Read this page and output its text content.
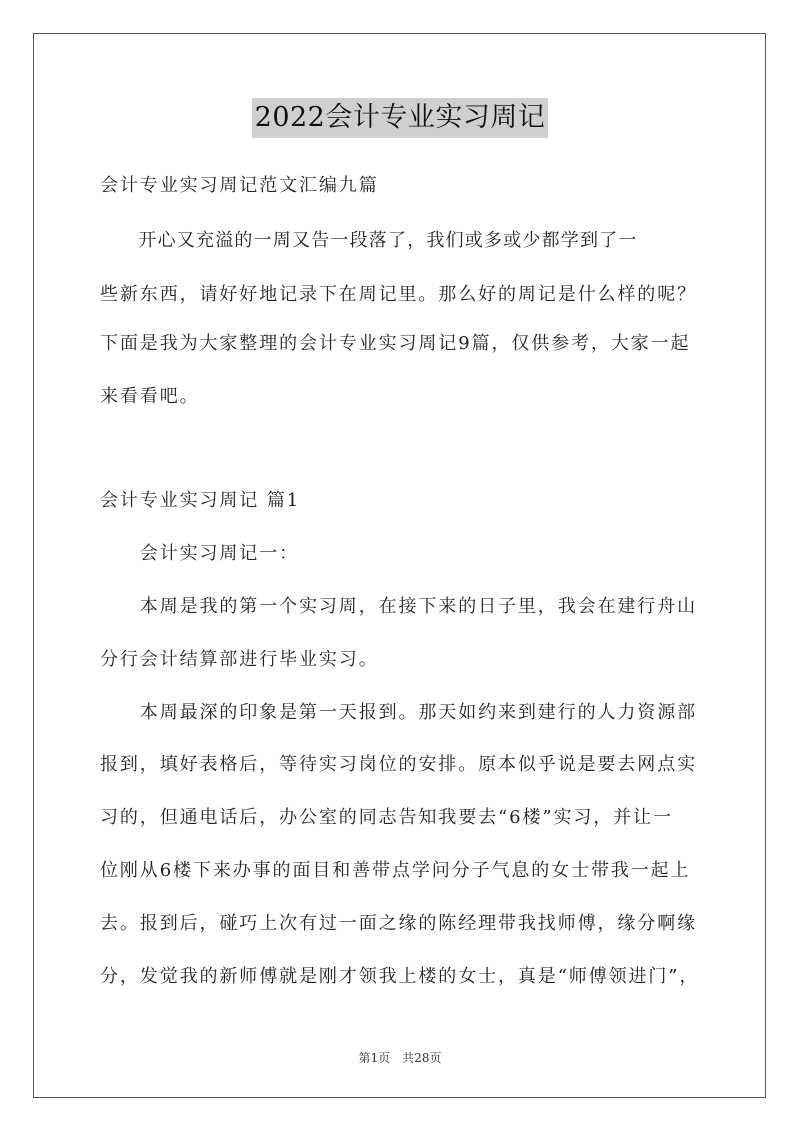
2022会计专业实习周记
会计专业实习周记范文汇编九篇
　　开心又充溢的一周又告一段落了，我们或多或少都学到了一
些新东西，请好好地记录下在周记里。那么好的周记是什么样的呢？
下面是我为大家整理的会计专业实习周记9篇，仅供参考，大家一起
来看看吧。
会计专业实习周记 篇1
　　会计实习周记一：
　　本周是我的第一个实习周，在接下来的日子里，我会在建行舟山
分行会计结算部进行毕业实习。
　　本周最深的印象是第一天报到。那天如约来到建行的人力资源部
报到，填好表格后，等待实习岗位的安排。原本似乎说是要去网点实
习的，但通电话后，办公室的同志告知我要去“6楼”实习，并让一
位刚从6楼下来办事的面目和善带点学问分子气息的女士带我一起上
去。报到后，碰巧上次有过一面之缘的陈经理带我找师傅，缘分啊缘
分，发觉我的新师傅就是刚才领我上楼的女士，真是“师傅领进门”，
第1页　共28页
